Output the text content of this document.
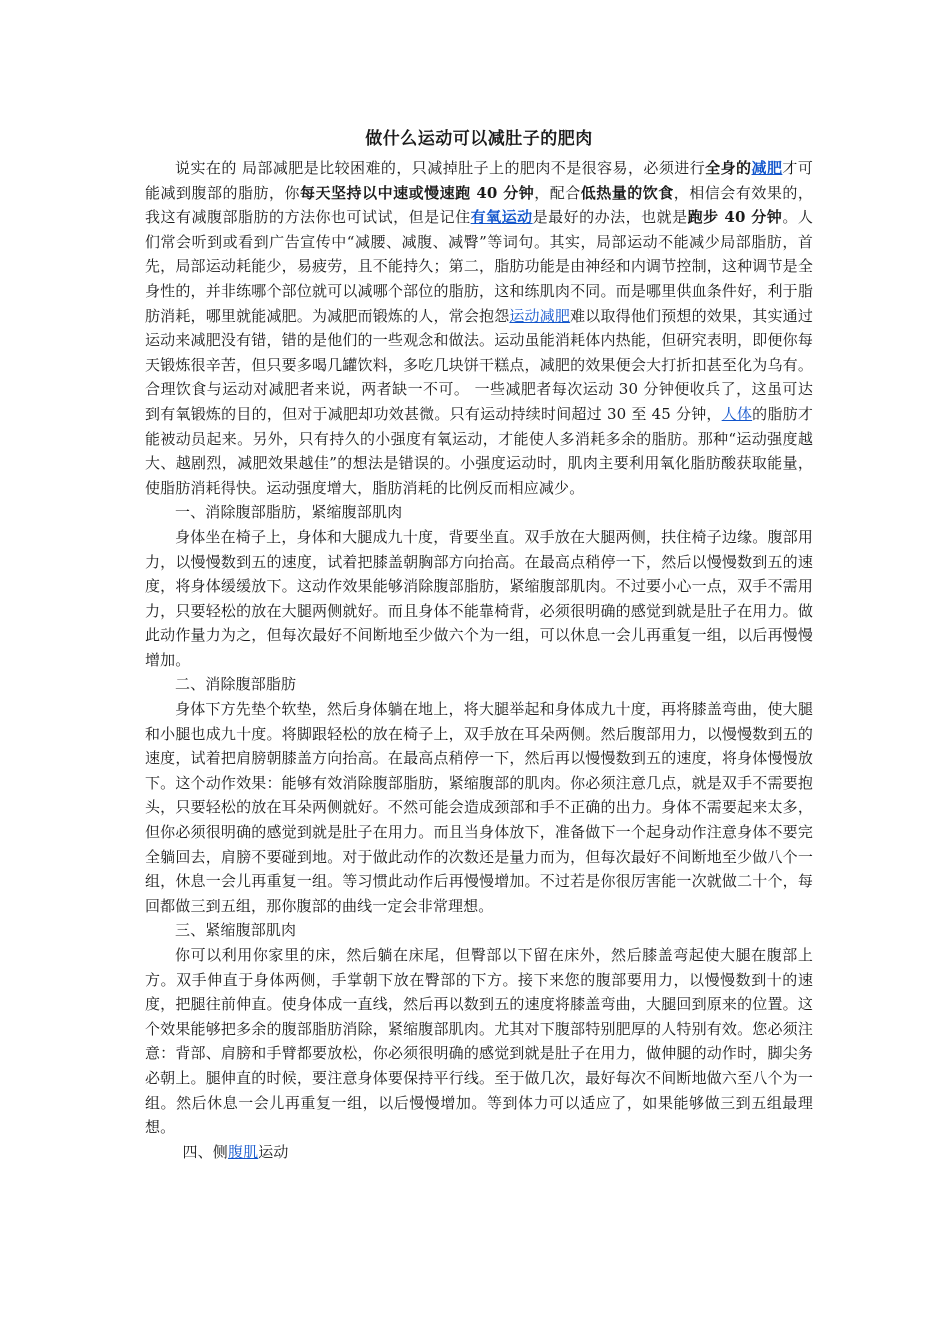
做什么运动可以减肚子的肥肉

说实在的 局部减肥是比较困难的，只减掉肚子上的肥肉不是很容易，必须进行全身的减肥才可能减到腹部的脂肪，你每天坚持以中速或慢速跑 40 分钟，配合低热量的饮食，相信会有效果的，我这有减腹部脂肪的方法你也可试试，但是记住有氧运动是最好的办法，也就是跑步 40 分钟。人们常会听到或看到广告宣传中“减腰、减腹、减臀”等词句。其实，局部运动不能减少局部脂肪，首先，局部运动耗能少，易疲劳，且不能持久；第二，脂肪功能是由神经和内调节控制，这种调节是全身性的，并非练哪个部位就可以减哪个部位的脂肪，这和练肌肉不同。而是哪里供血条件好，利于脂肪消耗，哪里就能减肥。为减肥而锻炼的人，常会抱怨运动减肥难以取得他们预想的效果，其实通过运动来减肥没有错，错的是他们的一些观念和做法。运动虽能消耗体内热能，但研究表明，即便你每天锻炼很辛苦，但只要多喝几罐饮料，多吃几块饼干糕点，减肥的效果便会大打折扣甚至化为乌有。合理饮食与运动对减肥者来说，两者缺一不可。 一些减肥者每次运动 30 分钟便收兵了，这虽可达到有氧锻炼的目的，但对于减肥却功效甚微。只有运动持续时间超过 30 至 45 分钟，人体的脂肪才能被动员起来。另外，只有持久的小强度有氧运动，才能使人多消耗多余的脂肪。那种“运动强度越大、越剧烈，减肥效果越佳”的想法是错误的。小强度运动时，肌肉主要利用氧化脂肪酸获取能量，使脂肪消耗得快。运动强度增大，脂肪消耗的比例反而相应减少。

一、消除腹部脂肪，紧缩腹部肌肉

身体坐在椅子上，身体和大腿成九十度，背要坐直。双手放在大腿两侧，扶住椅子边缘。腹部用力，以慢慢数到五的速度，试着把膝盖朝胸部方向抬高。在最高点稍停一下，然后以慢慢数到五的速度，将身体缓缓放下。这动作效果能够消除腹部脂肪，紧缩腹部肌肉。不过要小心一点，双手不需用力，只要轻松的放在大腿两侧就好。而且身体不能靠椅背，必须很明确的感觉到就是肚子在用力。做此动作量力为之，但每次最好不间断地至少做六个为一组，可以休息一会儿再重复一组，以后再慢慢增加。

二、消除腹部脂肪

身体下方先垫个软垫，然后身体躺在地上，将大腿举起和身体成九十度，再将膝盖弯曲，使大腿和小腿也成九十度。将脚跟轻松的放在椅子上，双手放在耳朵两侧。然后腹部用力，以慢慢数到五的速度，试着把肩膀朝膝盖方向抬高。在最高点稍停一下，然后再以慢慢数到五的速度，将身体慢慢放下。这个动作效果：能够有效消除腹部脂肪，紧缩腹部的肌肉。你必须注意几点，就是双手不需要抱头，只要轻松的放在耳朵两侧就好。不然可能会造成颈部和手不正确的出力。身体不需要起来太多，但你必须很明确的感觉到就是肚子在用力。而且当身体放下，准备做下一个起身动作注意身体不要完全躺回去，肩膀不要碰到地。对于做此动作的次数还是量力而为，但每次最好不间断地至少做八个一组，休息一会儿再重复一组。等习惯此动作后再慢慢增加。不过若是你很厉害能一次就做二十个，每回都做三到五组，那你腹部的曲线一定会非常理想。

三、紧缩腹部肌肉

你可以利用你家里的床，然后躺在床尾，但臀部以下留在床外，然后膝盖弯起使大腿在腹部上方。双手伸直于身体两侧，手掌朝下放在臀部的下方。接下来您的腹部要用力，以慢慢数到十的速度，把腿往前伸直。使身体成一直线，然后再以数到五的速度将膝盖弯曲，大腿回到原来的位置。这个效果能够把多余的腹部脂肪消除，紧缩腹部肌肉。尤其对下腹部特别肥厚的人特别有效。您必须注意：背部、肩膀和手臂都要放松，你必须很明确的感觉到就是肚子在用力，做伸腿的动作时，脚尖务必朝上。腿伸直的时候，要注意身体要保持平行线。至于做几次，最好每次不间断地做六至八个为一组。然后休息一会儿再重复一组，以后慢慢增加。等到体力可以适应了，如果能够做三到五组最理想。

四、侧腹肌运动
